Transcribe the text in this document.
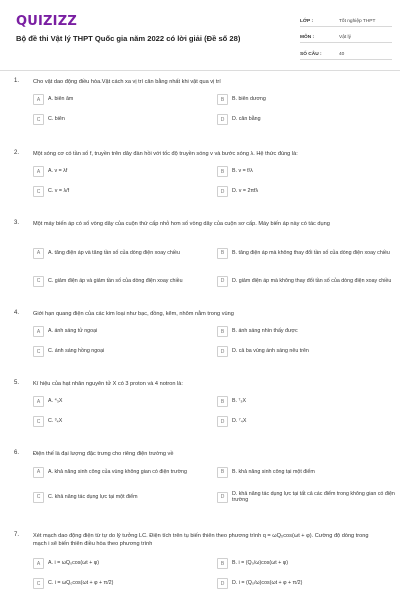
QUIZIZZ
Bộ đề thi Vật lý THPT Quốc gia năm 2022 có lời giải (Đề số 28)
LỚP :	Tốt nghiệp THPT
MÔN :	Vật lý
SỐ CÂU :	40
1. Cho vật dao động điều hòa.Vật cách xa vị trí cân bằng nhất khi vật qua vị trí
A	A. biên âm	B	B. biên dương
C	C. biên	D	D. cân bằng
2. Một sóng cơ có tần số f, truyền trên dây đàn hồi với tốc độ truyền sóng v và bước sóng λ. Hệ thức đúng là:
A	A. v = λf	B	B. v = f/λ
C	C. v = λ/f	D	D. v = 2πfλ
3. Một máy biến áp có số vòng dây của cuộn thứ cấp nhỏ hơn số vòng dây của cuộn sơ cấp. Máy biến áp này có tác dụng
A	A. tăng điện áp và tăng tần số của dòng điện xoay chiều	B	B. tăng điện áp mà không thay đổi tần số của dòng điện xoay chiều
C	C. giảm điện áp và giảm tần số của dòng điện xoay chiều	D	D. giảm điện áp mà không thay đổi tần số của dòng điện xoay chiều
4. Giới hạn quang điện của các kim loại như bạc, đồng, kẽm, nhôm nằm trong vùng
A	A. ánh sáng tử ngoại	B	B. ánh sáng nhìn thấy được
C	C. ánh sáng hồng ngoại	D	D. cả ba vùng ánh sáng nêu trên
5. Kí hiệu của hạt nhân nguyên tử X có 3 proton và 4 notron là:
A	A. ⁴₃X	B	B. ⁷₃X
C	C. ³₄X	D	D. ⁷₄X
6. Điện thế là đại lượng đặc trưng cho riêng điện trường về
A	A. khả năng sinh công của vùng không gian có điện trường	B	B. khả năng sinh công tại một điểm
C	C. khả năng tác dụng lực tại một điểm	D
D. khả năng tác dụng lực tại tất cả các điểm trong không gian có điện trường
7. Xét mạch dao động điện từ tự do lý tưởng LC. Điện tích trên tụ biến thiên theo phương trình q = ωQ₀cos(ωt + φ). Cường độ dòng trong mạch i sẽ biến thiên điều hòa theo phương trình
A	A. i = ωQ₀cos(ωt + φ)	B	B. i = (Q₀/ω)cos(ωt + φ)
C	C. i = ωQ₀cos(ωt + φ + π/2)	D	D. i = (Q₀/ω)cos(ωt + φ + π/2)
